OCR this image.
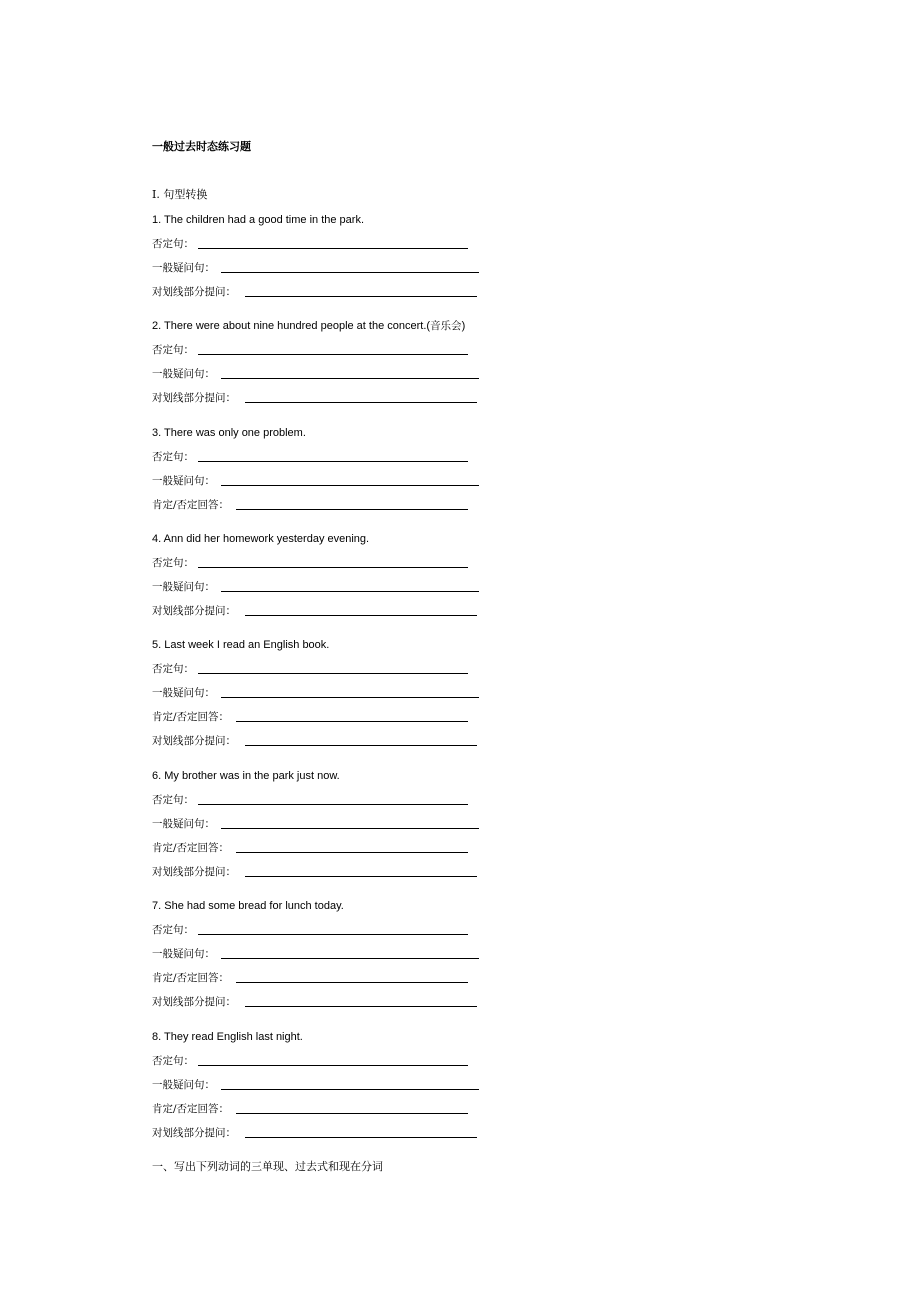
一般过去时态练习题
I. 句型转换
1. The children had a good time in the park.
否定句：
一般疑问句：
对划线部分提问：
2. There were about nine hundred people at the concert.(音乐会)
否定句：
一般疑问句：
对划线部分提问：
3. There was only one problem.
否定句：
一般疑问句：
肯定/否定回答：
4. Ann did her homework yesterday evening.
否定句：
一般疑问句：
对划线部分提问：
5. Last week I read an English book.
否定句：
一般疑问句：
肯定/否定回答：
对划线部分提问：
6. My brother was in the park just now.
否定句：
一般疑问句：
肯定/否定回答：
对划线部分提问：
7. She had some bread for lunch today.
否定句：
一般疑问句：
肯定/否定回答：
对划线部分提问：
8. They read English last night.
否定句：
一般疑问句：
肯定/否定回答：
对划线部分提问：
一、写出下列动词的三单现、过去式和现在分词
